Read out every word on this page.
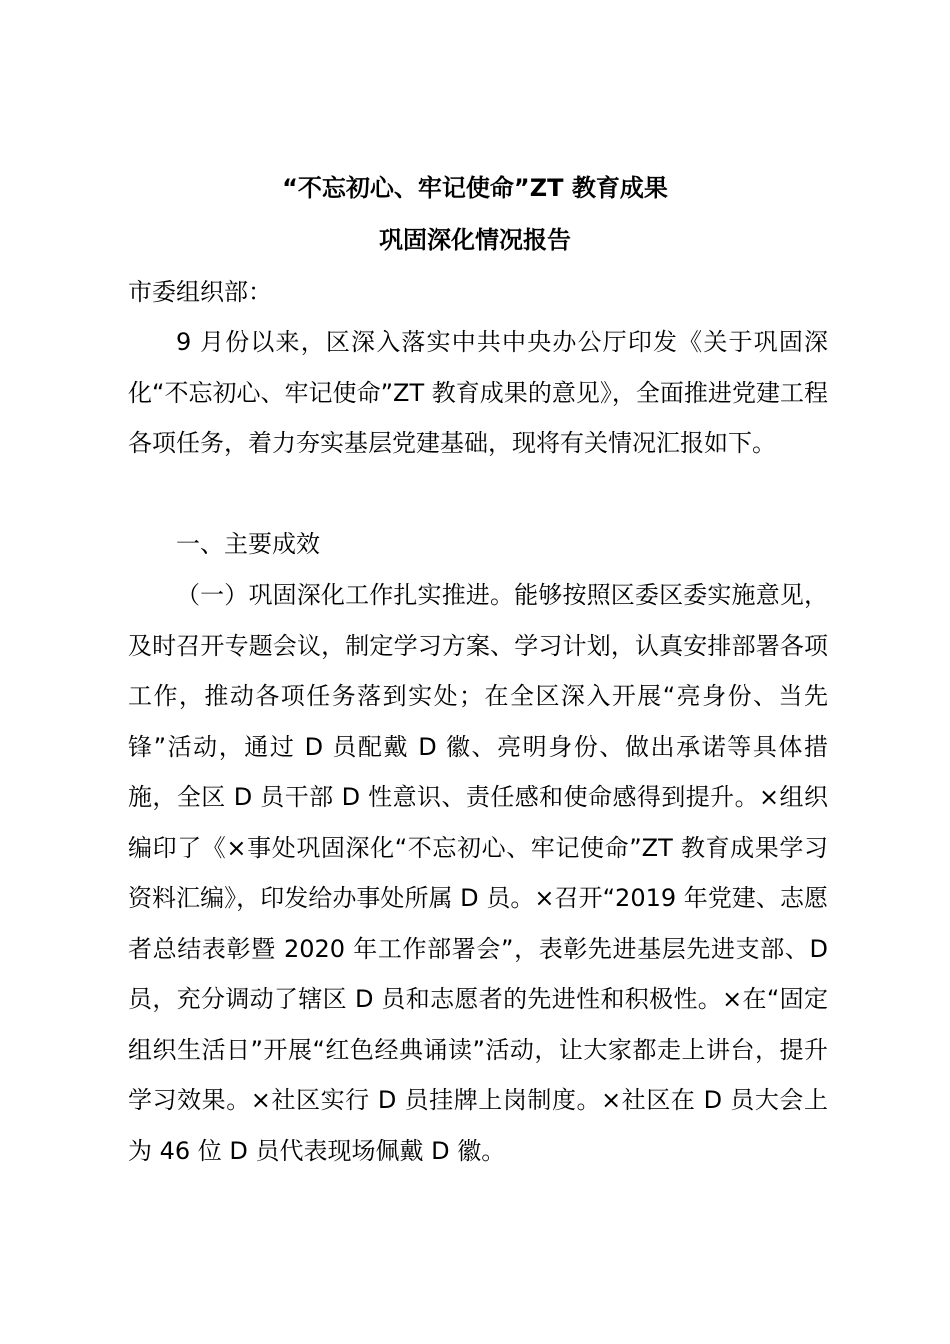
“不忘初心、牢记使命”ZT 教育成果
巩固深化情况报告
市委组织部：
9 月份以来，区深入落实中共中央办公厅印发《关于巩固深化“不忘初心、牢记使命”ZT 教育成果的意见》，全面推进党建工程各项任务，着力夯实基层党建基础，现将有关情况汇报如下。
一、主要成效
（一）巩固深化工作扎实推进。能够按照区委区委实施意见，及时召开专题会议，制定学习方案、学习计划，认真安排部署各项工作，推动各项任务落到实处；在全区深入开展“亮身份、当先锋”活动，通过 D 员配戴 D 徽、亮明身份、做出承诺等具体措施，全区 D 员干部 D 性意识、责任感和使命感得到提升。×组织编印了《×事处巩固深化“不忘初心、牢记使命”ZT 教育成果学习资料汇编》，印发给办事处所属 D 员。×召开“2019 年党建、志愿者总结表彰暨 2020 年工作部署会”，表彰先进基层先进支部、D 员，充分调动了辖区 D 员和志愿者的先进性和积极性。×在“固定组织生活日”开展“红色经典诵读”活动，让大家都走上讲台，提升学习效果。×社区实行 D 员挂牌上岗制度。×社区在 D 员大会上为 46 位 D 员代表现场佩戴 D 徽。
